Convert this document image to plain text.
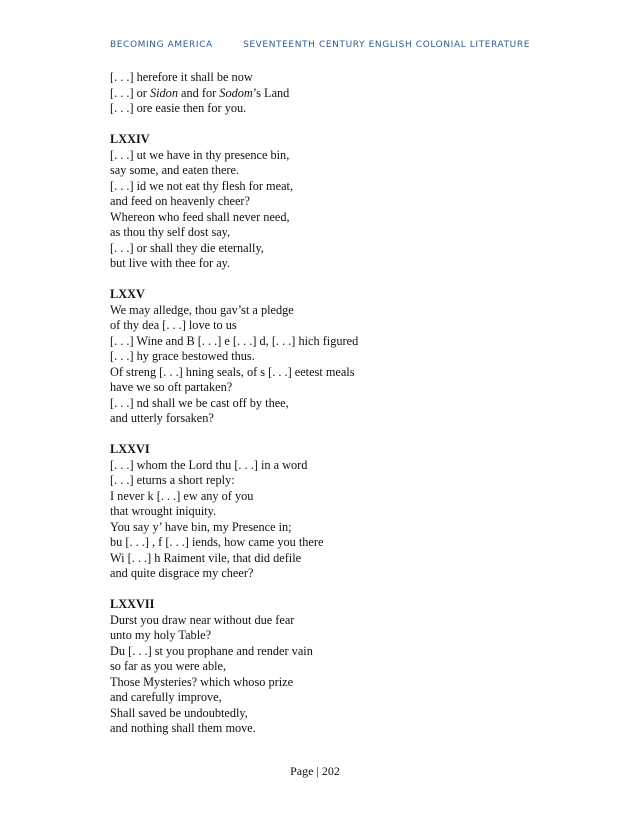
BECOMING AMERICA	SEVENTEENTH CENTURY ENGLISH COLONIAL LITERATURE
[. . .] herefore it shall be now
[. . .] or Sidon and for Sodom’s Land
[. . .] ore easie then for you.
LXXIV
[. . .] ut we have in thy presence bin,
say some, and eaten there.
[. . .] id we not eat thy flesh for meat,
and feed on heavenly cheer?
Whereon who feed shall never need,
as thou thy self dost say,
[. . .] or shall they die eternally,
but live with thee for ay.
LXXV
We may alledge, thou gav’st a pledge
of thy dea [. . .] love to us
[. . .] Wine and B [. . .] e [. . .] d, [. . .] hich figured
[. . .] hy grace bestowed thus.
Of streng [. . .] hning seals, of s [. . .] eetest meals
have we so oft partaken?
[. . .] nd shall we be cast off by thee,
and utterly forsaken?
LXXVI
[. . .] whom the Lord thu [. . .] in a word
[. . .] eturns a short reply:
I never k [. . .] ew any of you
that wrought iniquity.
You say y’ have bin, my Presence in;
bu [. . .] , f [. . .] iends, how came you there
Wi [. . .] h Raiment vile, that did defile
and quite disgrace my cheer?
LXXVII
Durst you draw near without due fear
unto my holy Table?
Du [. . .] st you prophane and render vain
so far as you were able,
Those Mysteries? which whoso prize
and carefully improve,
Shall saved be undoubtedly,
and nothing shall them move.
Page | 202
